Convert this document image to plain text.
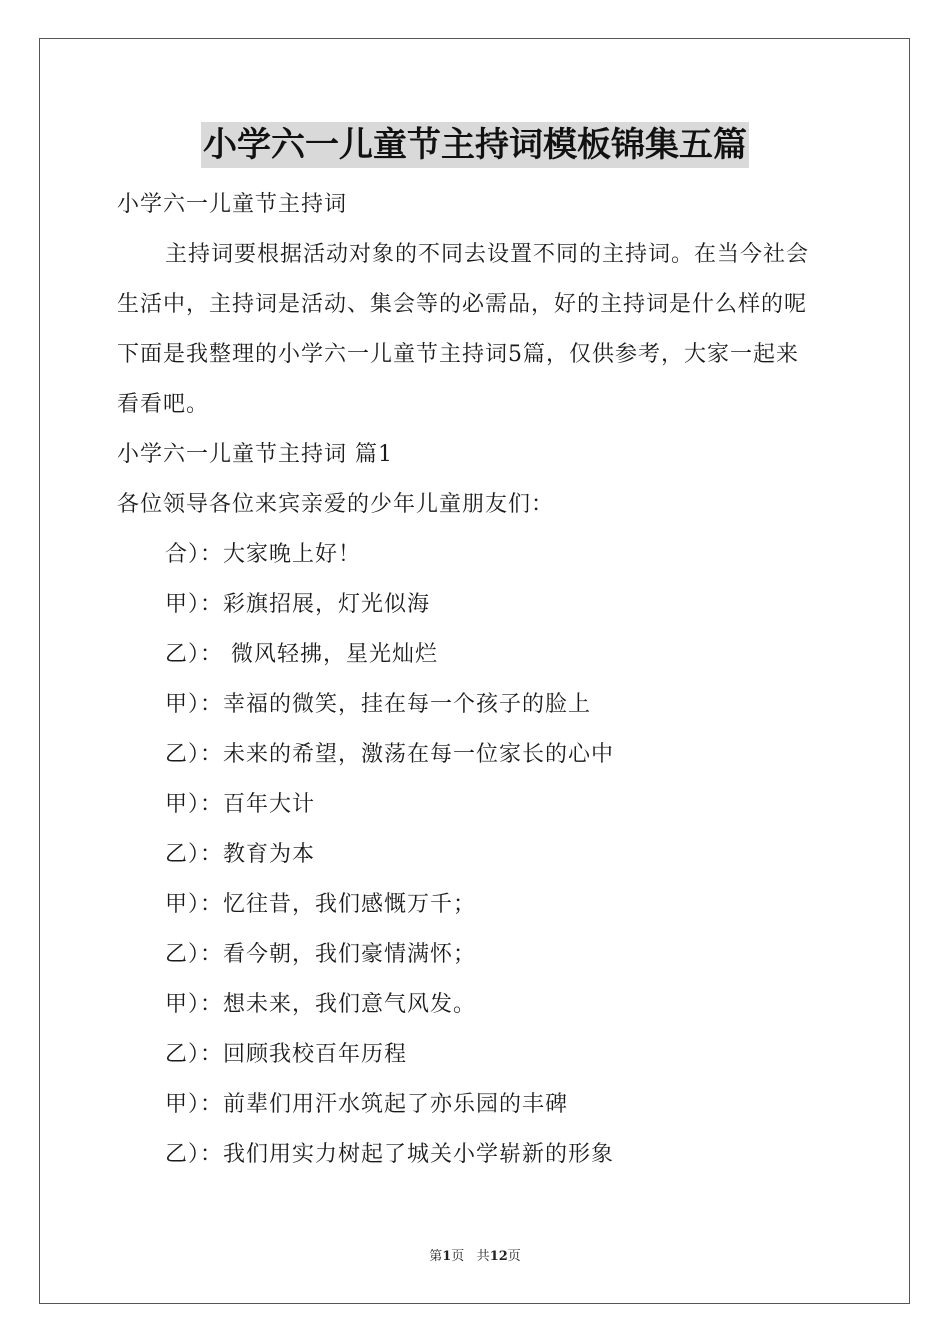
小学六一儿童节主持词模板锦集五篇
小学六一儿童节主持词
主持词要根据活动对象的不同去设置不同的主持词。在当今社会
生活中，主持词是活动、集会等的必需品，好的主持词是什么样的呢
下面是我整理的小学六一儿童节主持词5篇，仅供参考，大家一起来
看看吧。
小学六一儿童节主持词 篇1
各位领导各位来宾亲爱的少年儿童朋友们：
合）：大家晚上好！
甲）：彩旗招展，灯光似海
乙）： 微风轻拂，星光灿烂
甲）：幸福的微笑，挂在每一个孩子的脸上
乙）：未来的希望，激荡在每一位家长的心中
甲）：百年大计
乙）：教育为本
甲）：忆往昔，我们感慨万千；
乙）：看今朝，我们豪情满怀；
甲）：想未来，我们意气风发。
乙）：回顾我校百年历程
甲）：前辈们用汗水筑起了亦乐园的丰碑
乙）：我们用实力树起了城关小学崭新的形象
第1页 共12页
